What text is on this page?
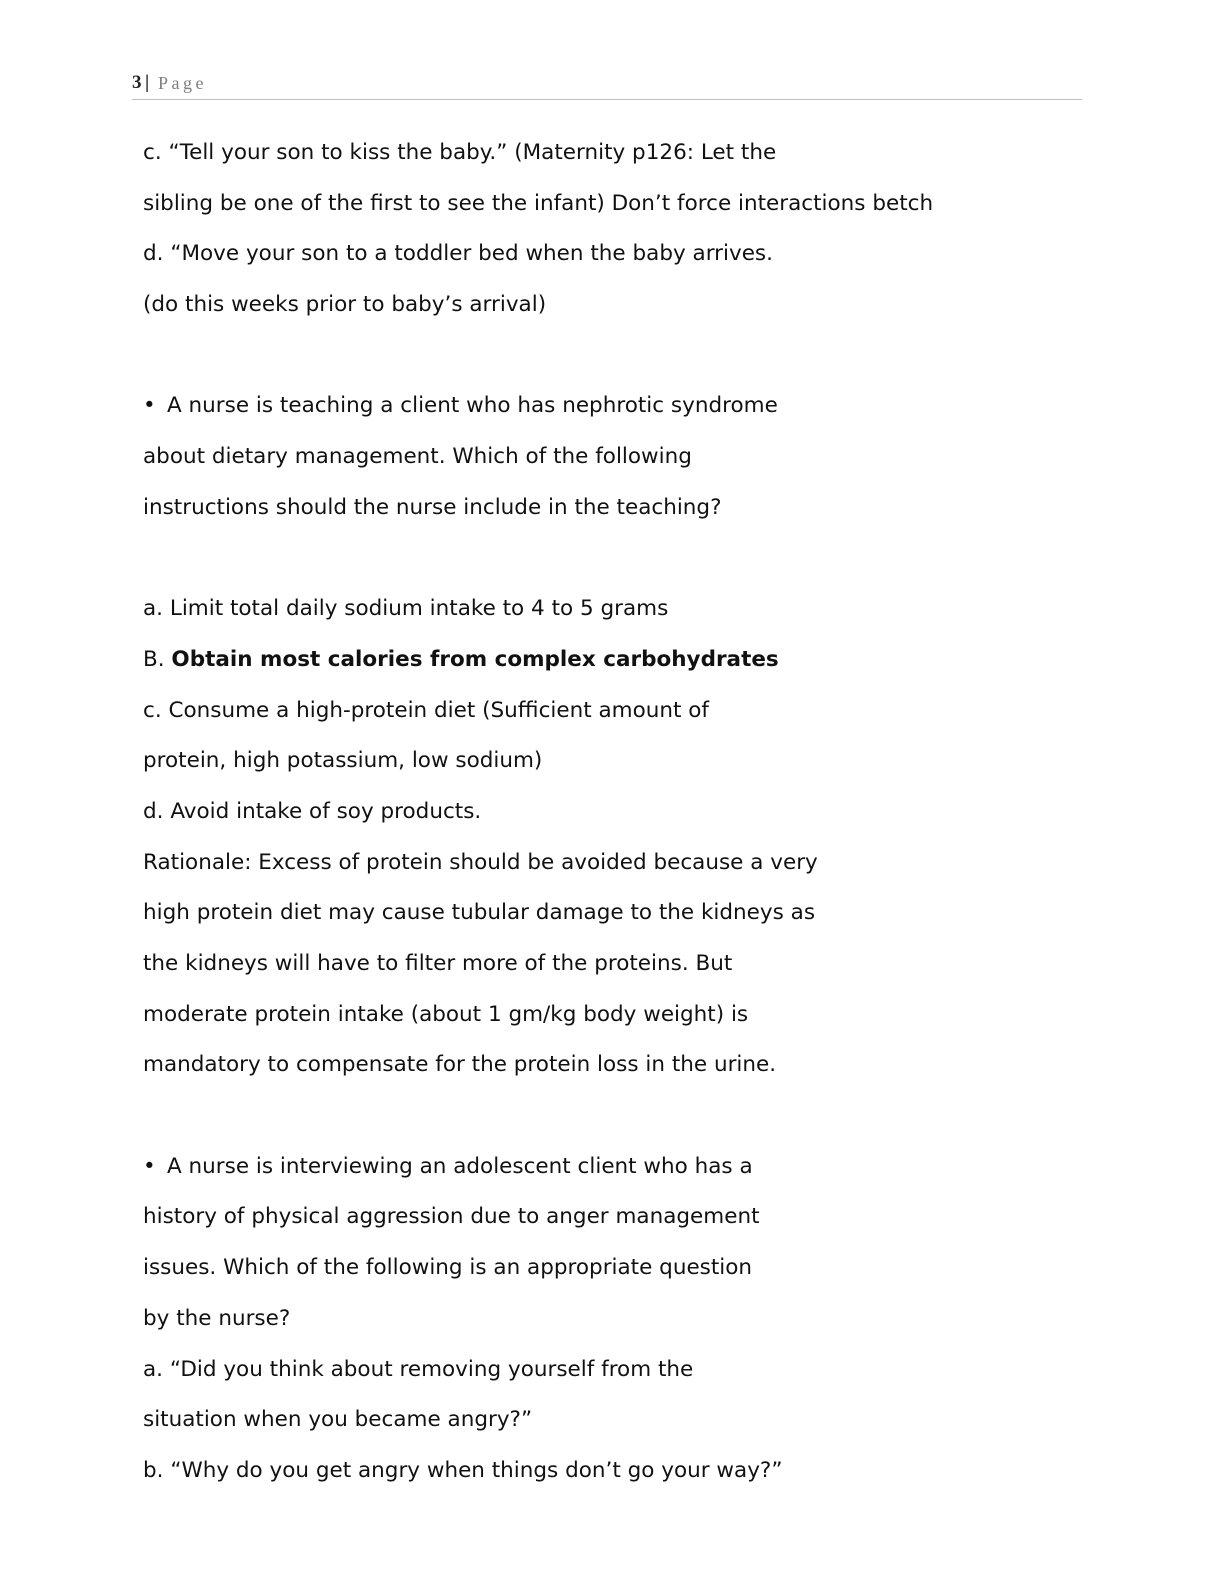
3 | Page
c. “Tell your son to kiss the baby.” (Maternity p126: Let the
sibling be one of the first to see the infant) Don’t force interactions betch
d. “Move your son to a toddler bed when the baby arrives.
(do this weeks prior to baby’s arrival)
• A nurse is teaching a client who has nephrotic syndrome
about dietary management. Which of the following
instructions should the nurse include in the teaching?
a. Limit total daily sodium intake to 4 to 5 grams
B. Obtain most calories from complex carbohydrates
c. Consume a high-protein diet (Sufficient amount of
protein, high potassium, low sodium)
d. Avoid intake of soy products.
Rationale: Excess of protein should be avoided because a very
high protein diet may cause tubular damage to the kidneys as
the kidneys will have to filter more of the proteins. But
moderate protein intake (about 1 gm/kg body weight) is
mandatory to compensate for the protein loss in the urine.
• A nurse is interviewing an adolescent client who has a
history of physical aggression due to anger management
issues. Which of the following is an appropriate question
by the nurse?
a. “Did you think about removing yourself from the
situation when you became angry?”
b. “Why do you get angry when things don’t go your way?”
